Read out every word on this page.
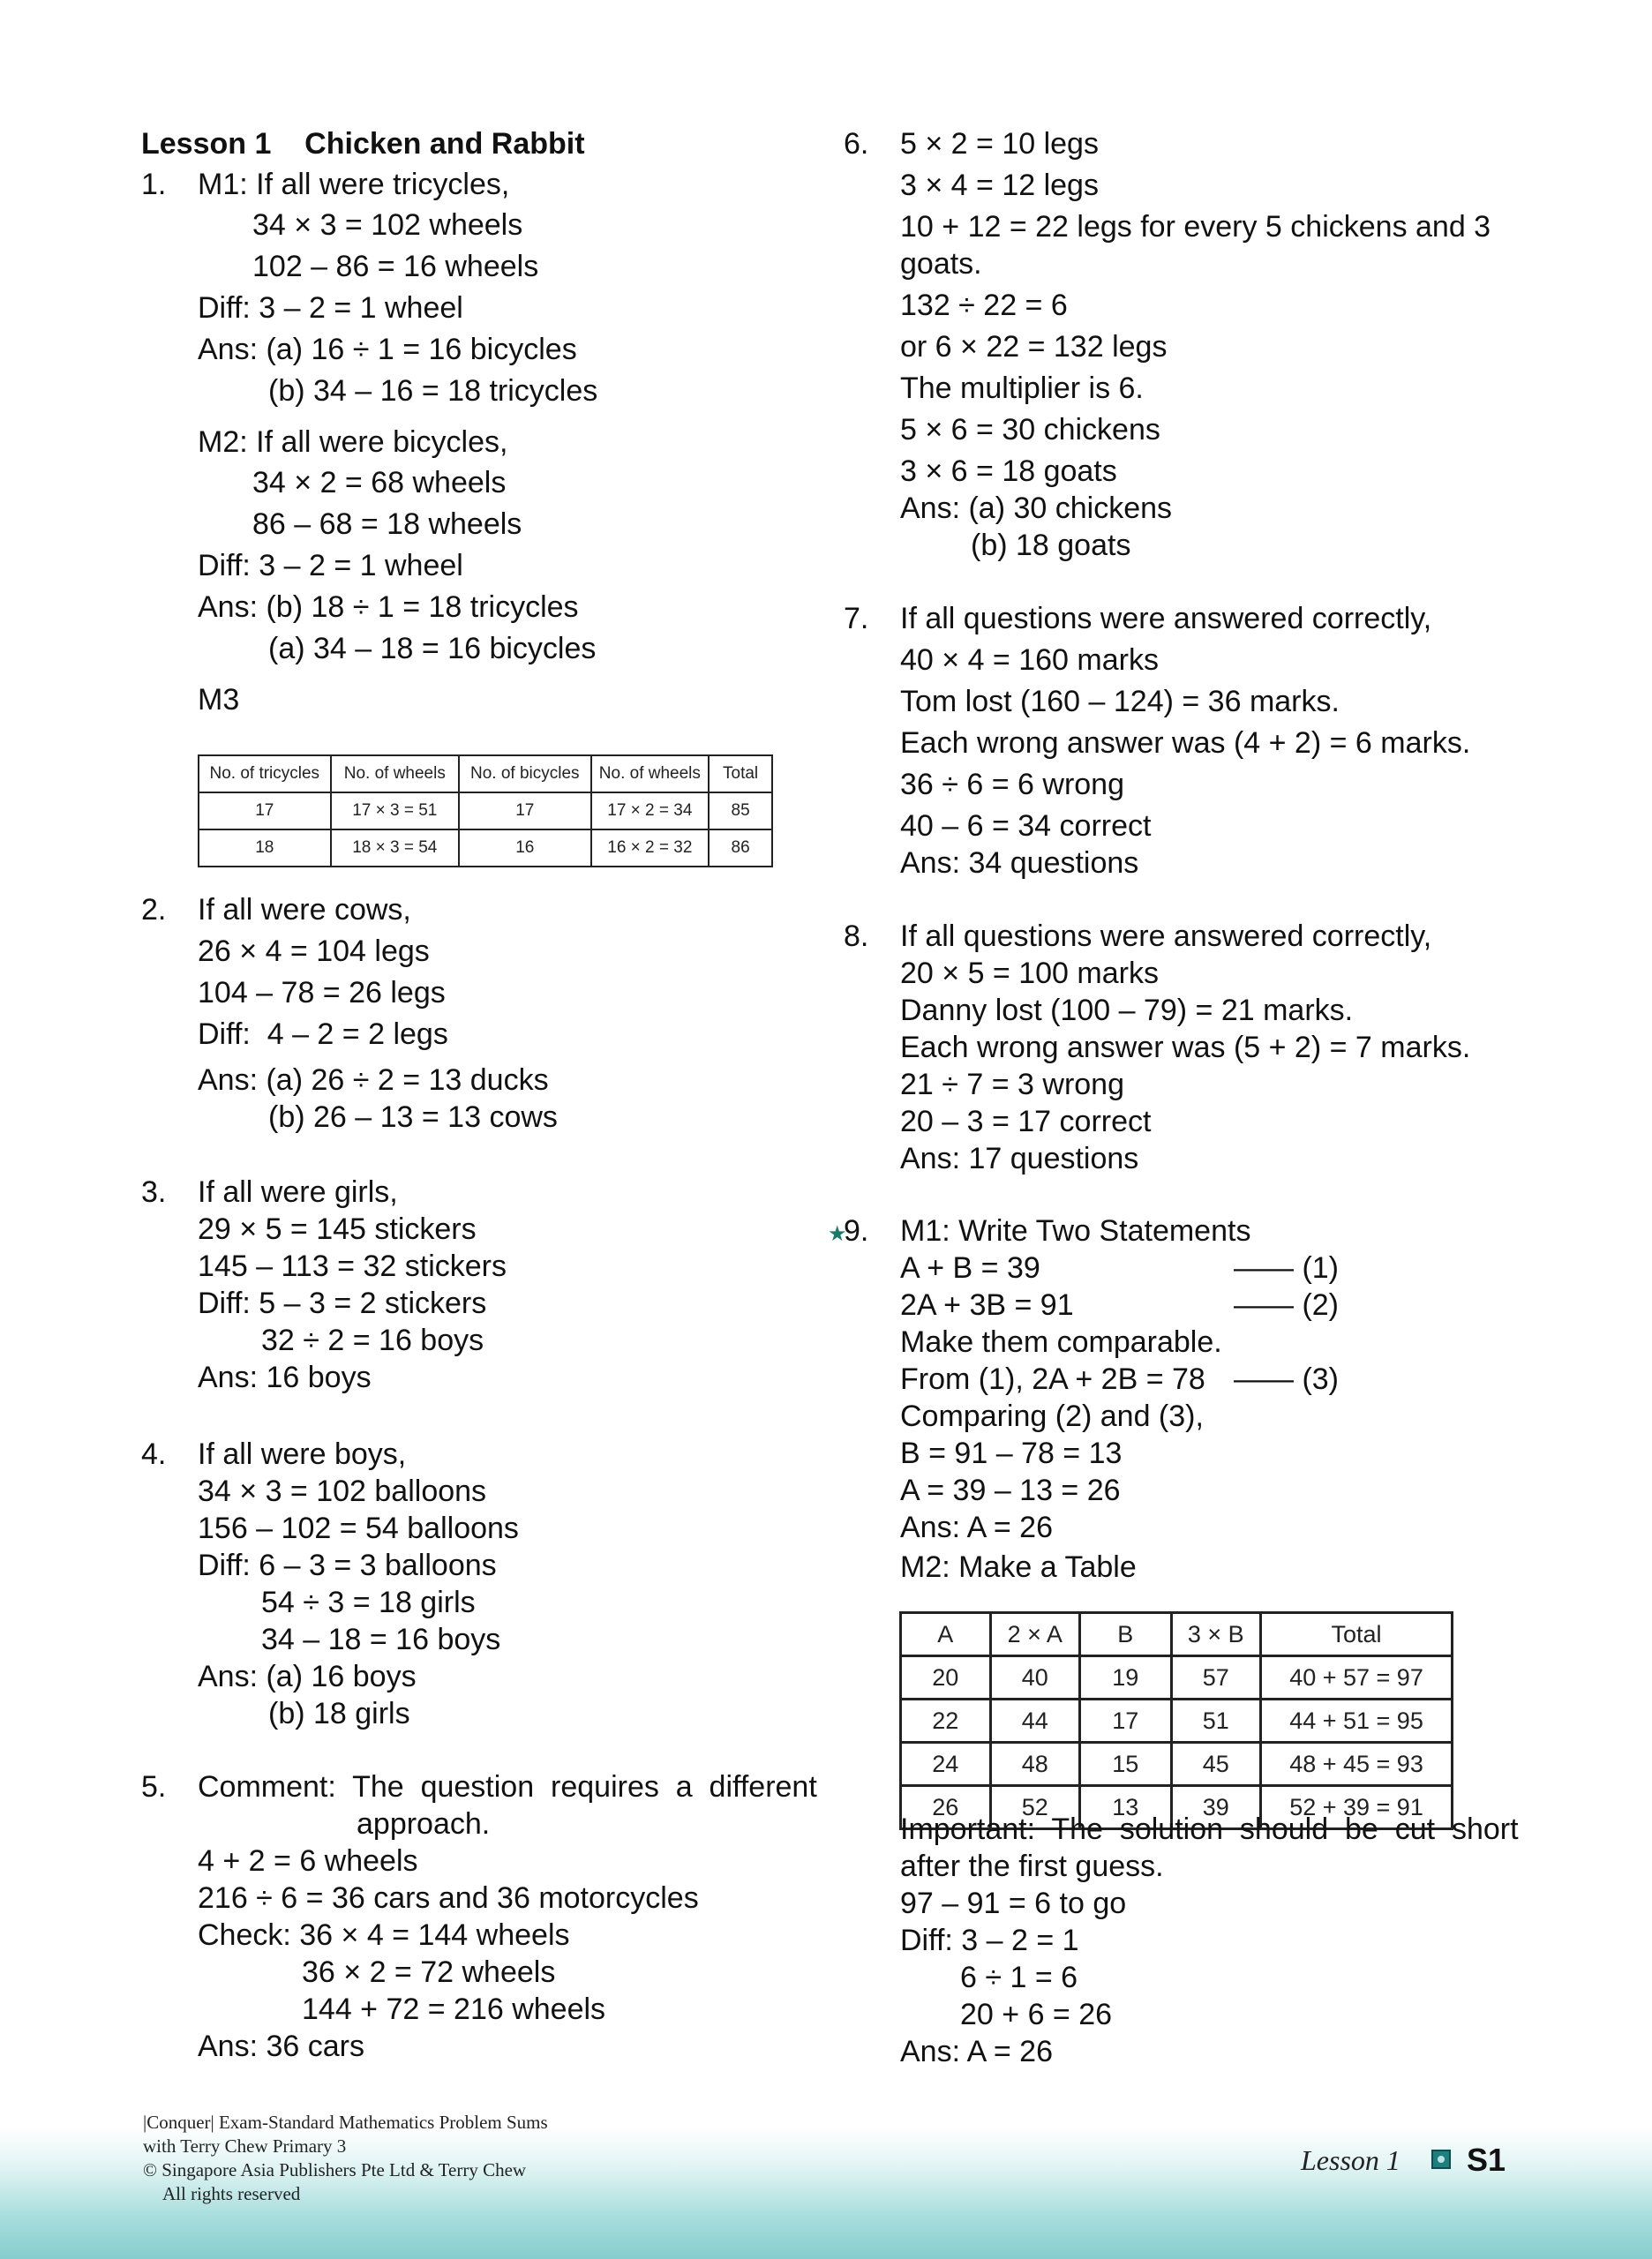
No. of tricycles	No. of wheels	No. of bicycles	No. of wheels	Total
17	17 × 3 = 51	17	17 × 2 = 34	85
18	18 × 3 = 54	16	16 × 2 = 32	86
A	2 × A	B	3 × B	Total
20	40	19	57	40 + 57 = 97
22	44	17	51	44 + 51 = 95
24	48	15	45	48 + 45 = 93
26	52	13	39	52 + 39 = 91
★
|Conquer| Exam-Standard Mathematics Problem Sums
with Terry Chew Primary 3
© Singapore Asia Publishers Pte Ltd & Terry Chew
All rights reserved
Lesson 1 S1
Lesson 1    Chicken and Rabbit
1. M1: If all were tricycles,
34 × 3 = 102 wheels
102 – 86 = 16 wheels
Diff: 3 – 2 = 1 wheel
Ans: (a) 16 ÷ 1 = 16 bicycles
(b) 34 – 16 = 18 tricycles
M2: If all were bicycles,
34 × 2 = 68 wheels
86 – 68 = 18 wheels
Diff: 3 – 2 = 1 wheel
Ans: (b) 18 ÷ 1 = 18 tricycles
(a) 34 – 18 = 16 bicycles
M3
2. If all were cows,
26 × 4 = 104 legs
104 – 78 = 26 legs
Diff:  4 – 2 = 2 legs
Ans: (a) 26 ÷ 2 = 13 ducks
(b) 26 – 13 = 13 cows
3. If all were girls,
29 × 5 = 145 stickers
145 – 113 = 32 stickers
Diff: 5 – 3 = 2 stickers
32 ÷ 2 = 16 boys
Ans: 16 boys
4. If all were boys,
34 × 3 = 102 balloons
156 – 102 = 54 balloons
Diff: 6 – 3 = 3 balloons
54 ÷ 3 = 18 girls
34 – 18 = 16 boys
Ans: (a) 16 boys
(b) 18 girls
5. Comment:  The  question  requires  a  different
approach.
4 + 2 = 6 wheels
216 ÷ 6 = 36 cars and 36 motorcycles
Check: 36 × 4 = 144 wheels
36 × 2 = 72 wheels
144 + 72 = 216 wheels
Ans: 36 cars
6. 5 × 2 = 10 legs
3 × 4 = 12 legs
10 + 12 = 22 legs for every 5 chickens and 3
goats.
132 ÷ 22 = 6
or 6 × 22 = 132 legs
The multiplier is 6.
5 × 6 = 30 chickens
3 × 6 = 18 goats
Ans: (a) 30 chickens
(b) 18 goats
7. If all questions were answered correctly,
40 × 4 = 160 marks
Tom lost (160 – 124) = 36 marks.
Each wrong answer was (4 + 2) = 6 marks.
36 ÷ 6 = 6 wrong
40 – 6 = 34 correct
Ans: 34 questions
8. If all questions were answered correctly,
20 × 5 = 100 marks
Danny lost (100 – 79) = 21 marks.
Each wrong answer was (5 + 2) = 7 marks.
21 ÷ 7 = 3 wrong
20 – 3 = 17 correct
Ans: 17 questions
9. M1: Write Two Statements
A + B = 39	—— (1)
2A + 3B = 91	—— (2)
Make them comparable.
From (1), 2A + 2B = 78 —— (3)
Comparing (2) and (3),
B = 91 – 78 = 13
A = 39 – 13 = 26
Ans: A = 26
M2: Make a Table
Important:  The  solution  should  be  cut  short
after the first guess.
97 – 91 = 6 to go
Diff: 3 – 2 = 1
6 ÷ 1 = 6
20 + 6 = 26
Ans: A = 26
